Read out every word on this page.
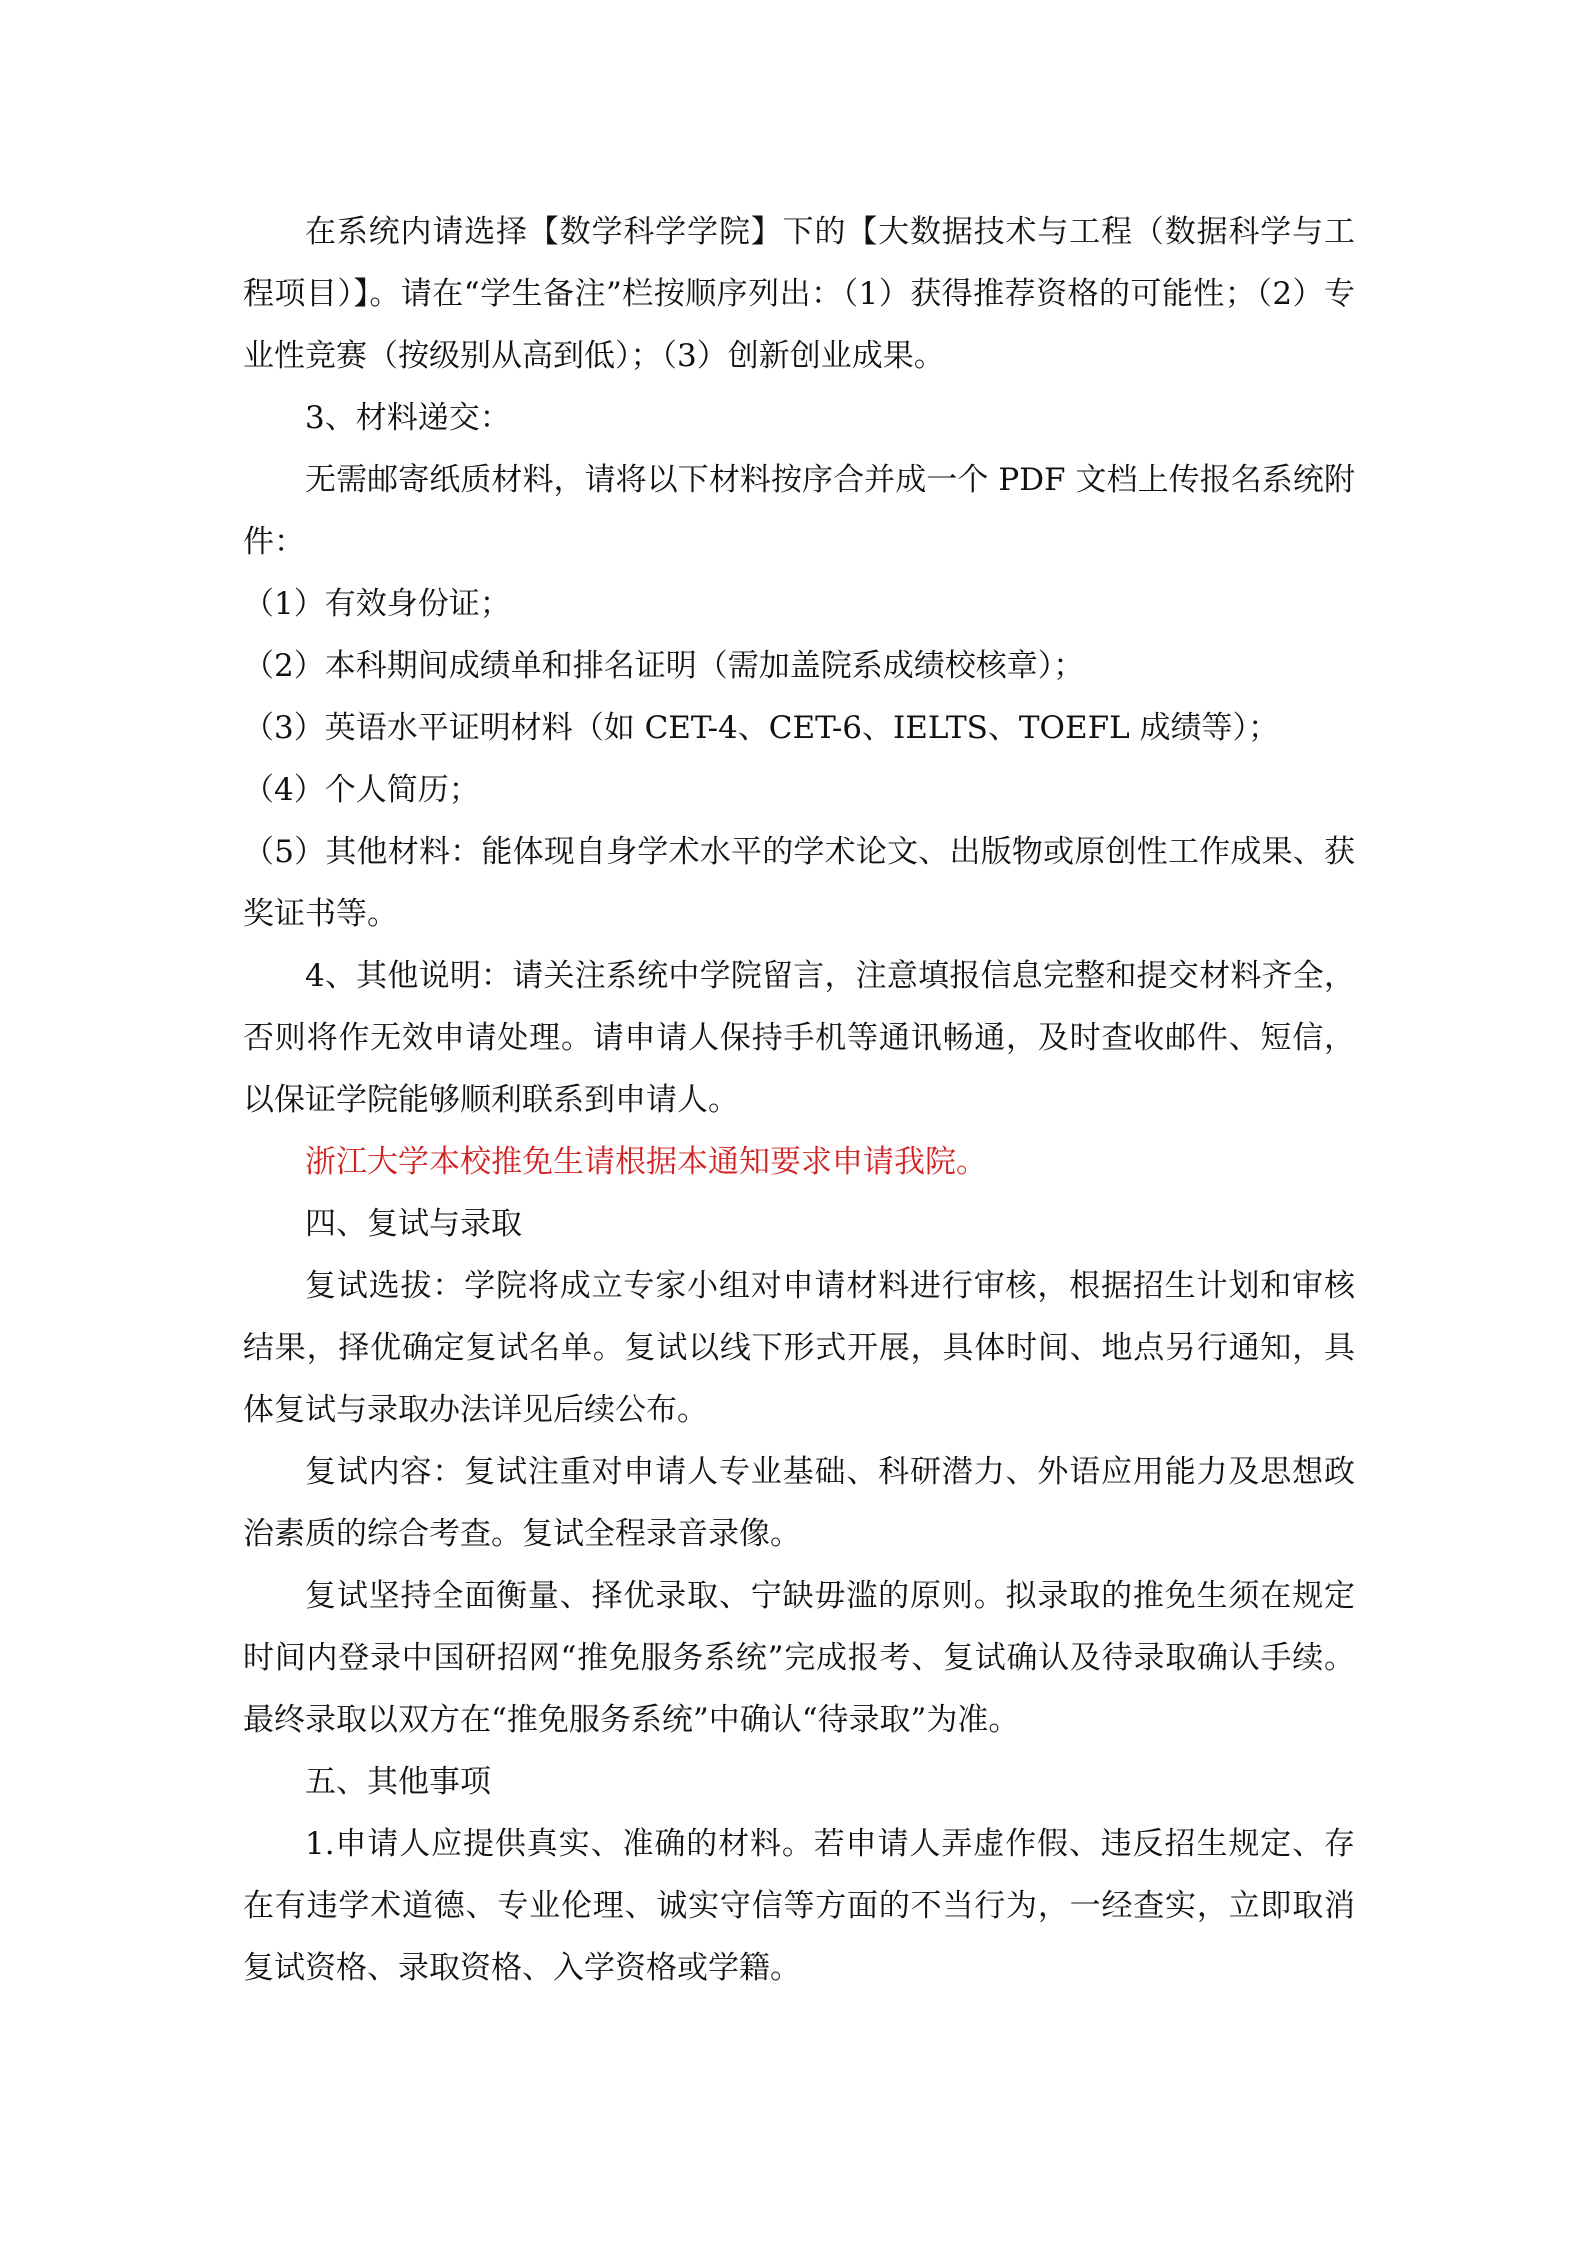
在系统内请选择【数学科学学院】下的【大数据技术与工程（数据科学与工程项目）】。请在“学生备注”栏按顺序列出：（1）获得推荐资格的可能性；（2）专业性竞赛（按级别从高到低）；（3）创新创业成果。

3、材料递交：

无需邮寄纸质材料，请将以下材料按序合并成一个 PDF 文档上传报名系统附件：

（1）有效身份证；

（2）本科期间成绩单和排名证明（需加盖院系成绩校核章）；

（3）英语水平证明材料（如 CET-4、CET-6、IELTS、TOEFL 成绩等）；

（4）个人简历；

（5）其他材料：能体现自身学术水平的学术论文、出版物或原创性工作成果、获奖证书等。

4、其他说明：请关注系统中学院留言，注意填报信息完整和提交材料齐全，否则将作无效申请处理。请申请人保持手机等通讯畅通，及时查收邮件、短信，以保证学院能够顺利联系到申请人。

浙江大学本校推免生请根据本通知要求申请我院。

四、复试与录取

复试选拔：学院将成立专家小组对申请材料进行审核，根据招生计划和审核结果，择优确定复试名单。复试以线下形式开展，具体时间、地点另行通知，具体复试与录取办法详见后续公布。

复试内容：复试注重对申请人专业基础、科研潜力、外语应用能力及思想政治素质的综合考查。复试全程录音录像。

复试坚持全面衡量、择优录取、宁缺毋滥的原则。拟录取的推免生须在规定时间内登录中国研招网“推免服务系统”完成报考、复试确认及待录取确认手续。最终录取以双方在“推免服务系统”中确认“待录取”为准。

五、其他事项

1.申请人应提供真实、准确的材料。若申请人弄虚作假、违反招生规定、存在有违学术道德、专业伦理、诚实守信等方面的不当行为，一经查实，立即取消复试资格、录取资格、入学资格或学籍。
